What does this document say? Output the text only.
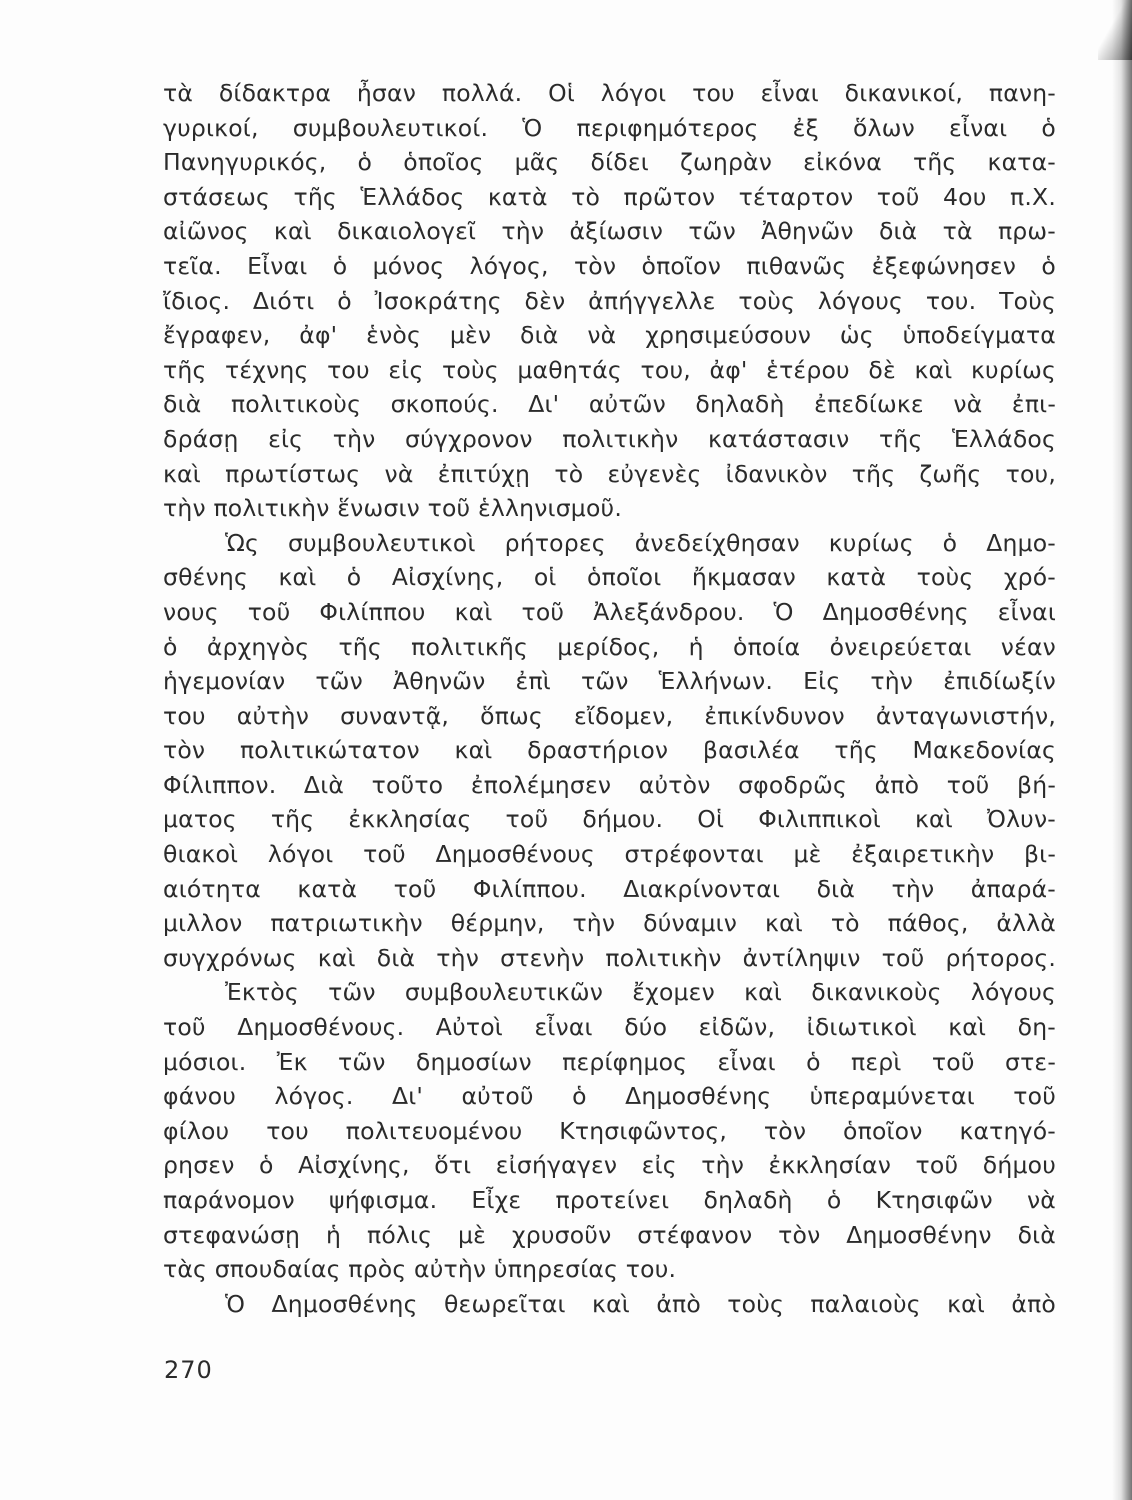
τὰ δίδακτρα ἦσαν πολλά. Οἱ λόγοι του εἶναι δικανικοί, πανη-
γυρικοί, συμβουλευτικοί. Ὁ περιφημότερος ἐξ ὅλων εἶναι ὁ
Πανηγυρικός, ὁ ὁποῖος μᾶς δίδει ζωηρὰν εἰκόνα τῆς κατα-
στάσεως τῆς Ἑλλάδος κατὰ τὸ πρῶτον τέταρτον τοῦ 4ου π.Χ.
αἰῶνος καὶ δικαιολογεῖ τὴν ἀξίωσιν τῶν Ἀθηνῶν διὰ τὰ πρω-
τεῖα. Εἶναι ὁ μόνος λόγος, τὸν ὁποῖον πιθανῶς ἐξεφώνησεν ὁ
ἴδιος. Διότι ὁ Ἰσοκράτης δὲν ἀπήγγελλε τοὺς λόγους του. Τοὺς
ἔγραφεν, ἀφ' ἑνὸς μὲν διὰ νὰ χρησιμεύσουν ὡς ὑποδείγματα
τῆς τέχνης του εἰς τοὺς μαθητάς του, ἀφ' ἑτέρου δὲ καὶ κυρίως
διὰ πολιτικοὺς σκοπούς. Δι' αὐτῶν δηλαδὴ ἐπεδίωκε νὰ ἐπι-
δράσῃ εἰς τὴν σύγχρονον πολιτικὴν κατάστασιν τῆς Ἑλλάδος
καὶ πρωτίστως νὰ ἐπιτύχῃ τὸ εὐγενὲς ἰδανικὸν τῆς ζωῆς του,
τὴν πολιτικὴν ἕνωσιν τοῦ ἑλληνισμοῦ.
Ὡς συμβουλευτικοὶ ρήτορες ἀνεδείχθησαν κυρίως ὁ Δημο-
σθένης καὶ ὁ Αἰσχίνης, οἱ ὁποῖοι ἤκμασαν κατὰ τοὺς χρό-
νους τοῦ Φιλίππου καὶ τοῦ Ἀλεξάνδρου. Ὁ Δημοσθένης εἶναι
ὁ ἀρχηγὸς τῆς πολιτικῆς μερίδος, ἡ ὁποία ὀνειρεύεται νέαν
ἡγεμονίαν τῶν Ἀθηνῶν ἐπὶ τῶν Ἑλλήνων. Εἰς τὴν ἐπιδίωξίν
του αὐτὴν συναντᾷ, ὅπως εἴδομεν, ἐπικίνδυνον ἀνταγωνιστήν,
τὸν πολιτικώτατον καὶ δραστήριον βασιλέα τῆς Μακεδονίας
Φίλιππον. Διὰ τοῦτο ἐπολέμησεν αὐτὸν σφοδρῶς ἀπὸ τοῦ βή-
ματος τῆς ἐκκλησίας τοῦ δήμου. Οἱ Φιλιππικοὶ καὶ Ὀλυν-
θιακοὶ λόγοι τοῦ Δημοσθένους στρέφονται μὲ ἐξαιρετικὴν βι-
αιότητα κατὰ τοῦ Φιλίππου. Διακρίνονται διὰ τὴν ἀπαρά-
μιλλον πατριωτικὴν θέρμην, τὴν δύναμιν καὶ τὸ πάθος, ἀλλὰ
συγχρόνως καὶ διὰ τὴν στενὴν πολιτικὴν ἀντίληψιν τοῦ ρήτορος.
Ἐκτὸς τῶν συμβουλευτικῶν ἔχομεν καὶ δικανικοὺς λόγους
τοῦ Δημοσθένους. Αὐτοὶ εἶναι δύο εἰδῶν, ἰδιωτικοὶ καὶ δη-
μόσιοι. Ἐκ τῶν δημοσίων περίφημος εἶναι ὁ περὶ τοῦ στε-
φάνου λόγος. Δι' αὐτοῦ ὁ Δημοσθένης ὑπεραμύνεται τοῦ
φίλου του πολιτευομένου Κτησιφῶντος, τὸν ὁποῖον κατηγό-
ρησεν ὁ Αἰσχίνης, ὅτι εἰσήγαγεν εἰς τὴν ἐκκλησίαν τοῦ δήμου
παράνομον ψήφισμα. Εἶχε προτείνει δηλαδὴ ὁ Κτησιφῶν νὰ
στεφανώσῃ ἡ πόλις μὲ χρυσοῦν στέφανον τὸν Δημοσθένην διὰ
τὰς σπουδαίας πρὸς αὐτὴν ὑπηρεσίας του.
Ὁ Δημοσθένης θεωρεῖται καὶ ἀπὸ τοὺς παλαιοὺς καὶ ἀπὸ
270
